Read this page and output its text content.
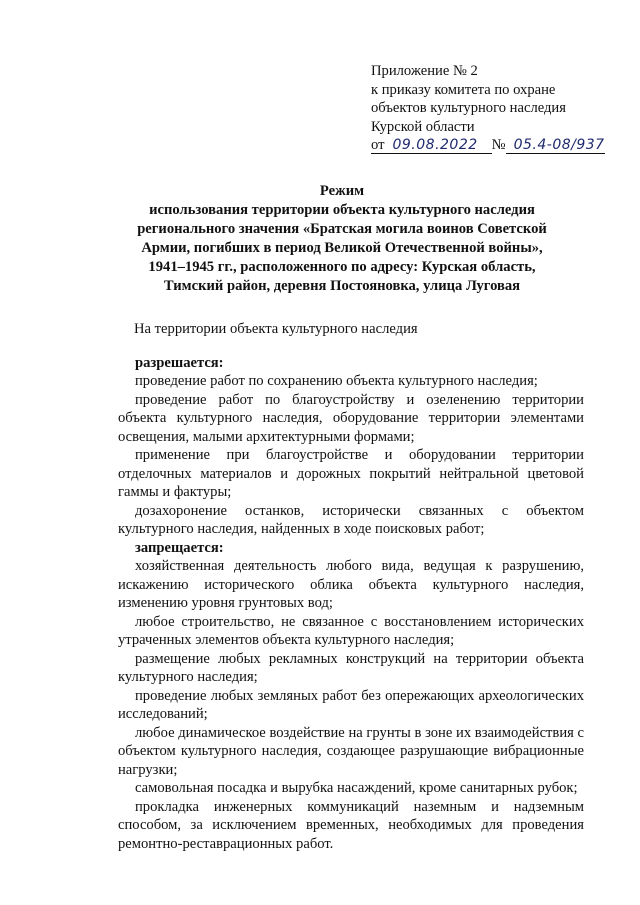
Приложение № 2
к приказу комитета по охране
объектов культурного наследия
Курской области
от 09.08.2022 № 05.4-08/937
Режим
использования территории объекта культурного наследия
регионального значения «Братская могила воинов Советской
Армии, погибших в период Великой Отечественной войны»,
1941–1945 гг., расположенного по адресу: Курская область,
Тимский район, деревня Постояновка, улица Луговая
На территории объекта культурного наследия
разрешается:
проведение работ по сохранению объекта культурного наследия;
проведение работ по благоустройству и озеленению территории объекта культурного наследия, оборудование территории элементами освещения, малыми архитектурными формами;
применение при благоустройстве и оборудовании территории отделочных материалов и дорожных покрытий нейтральной цветовой гаммы и фактуры;
дозахоронение останков, исторически связанных с объектом культурного наследия, найденных в ходе поисковых работ;
запрещается:
хозяйственная деятельность любого вида, ведущая к разрушению, искажению исторического облика объекта культурного наследия, изменению уровня грунтовых вод;
любое строительство, не связанное с восстановлением исторических утраченных элементов объекта культурного наследия;
размещение любых рекламных конструкций на территории объекта культурного наследия;
проведение любых земляных работ без опережающих археологических исследований;
любое динамическое воздействие на грунты в зоне их взаимодействия с объектом культурного наследия, создающее разрушающие вибрационные нагрузки;
самовольная посадка и вырубка насаждений, кроме санитарных рубок;
прокладка инженерных коммуникаций наземным и надземным способом, за исключением временных, необходимых для проведения ремонтно-реставрационных работ.
